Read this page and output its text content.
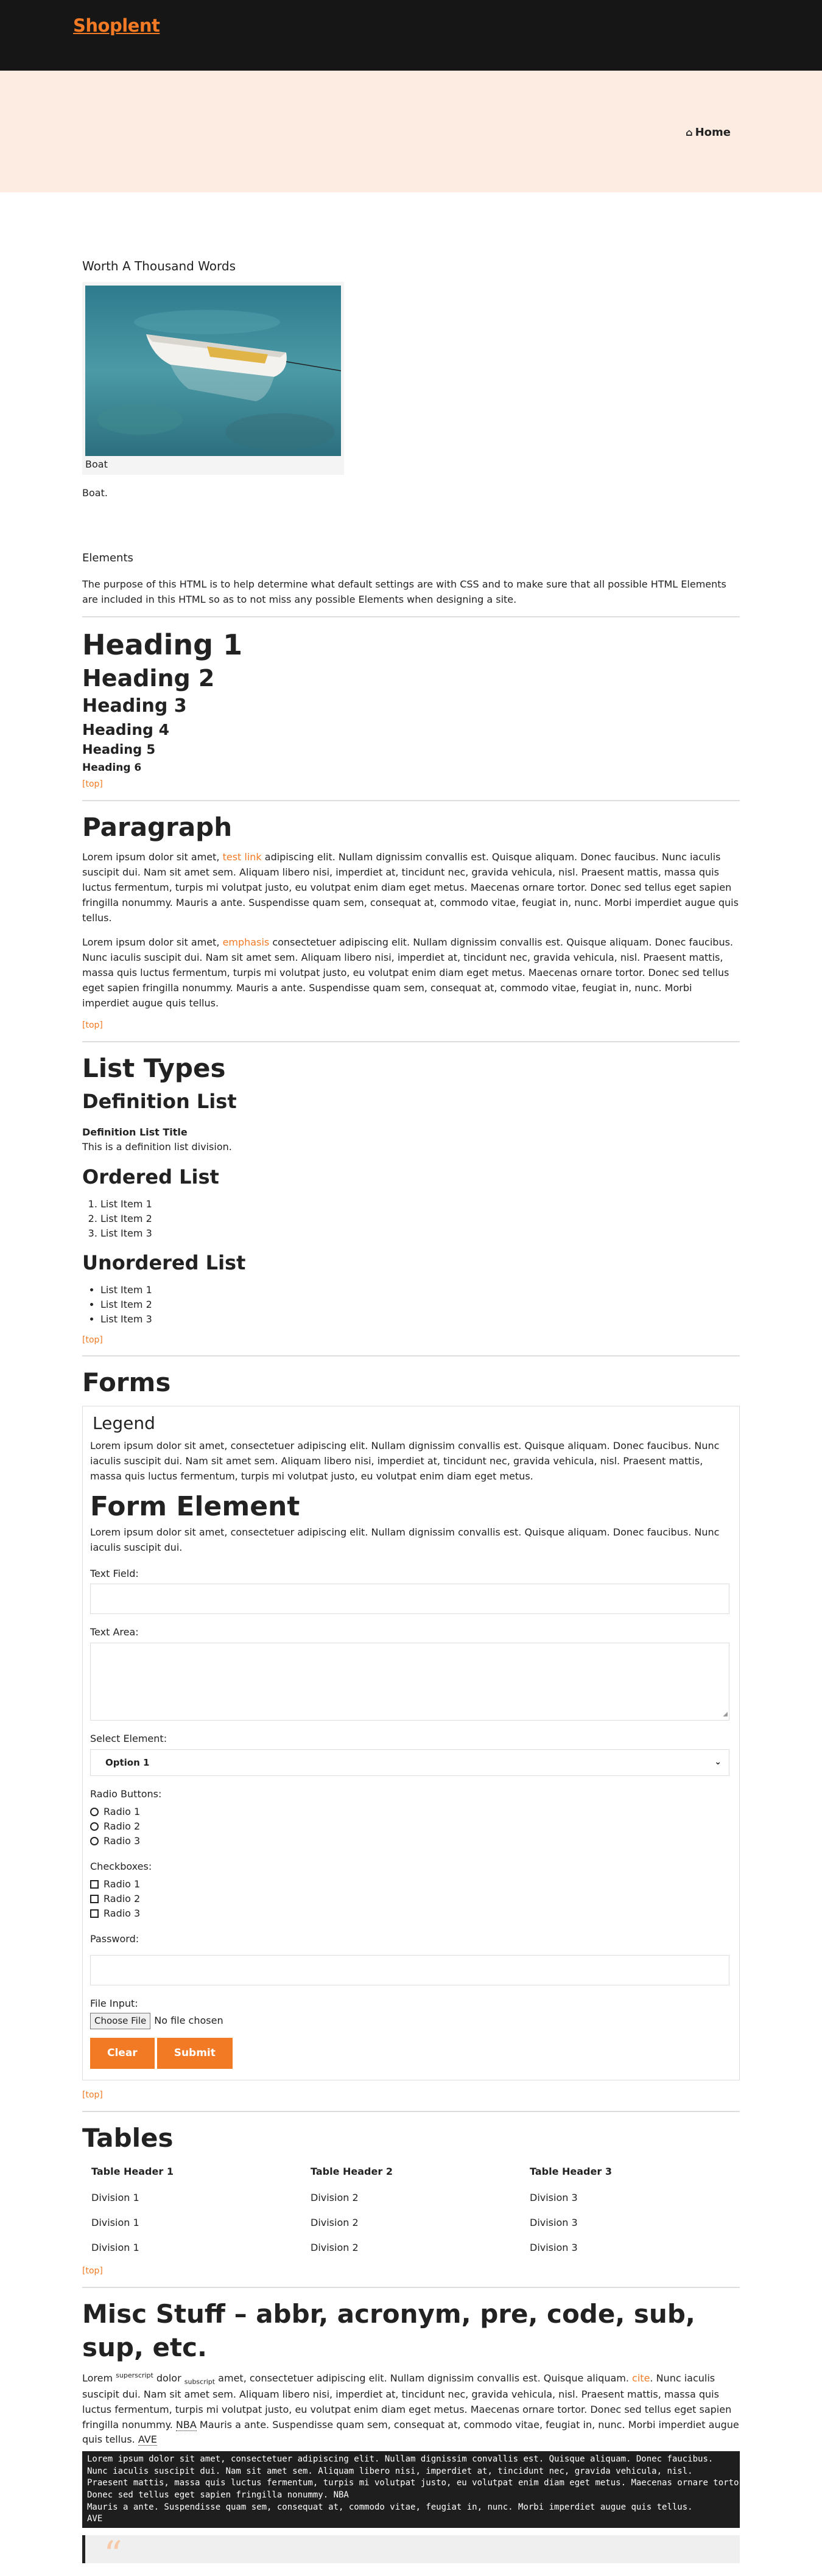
Shoplent
⌂ Home
Worth A Thousand Words
Boat
Boat.
Elements
The purpose of this HTML is to help determine what default settings are with CSS and to make sure that all possible HTML Elements are included in this HTML so as to not miss any possible Elements when designing a site.
Heading 1
Heading 2
Heading 3
Heading 4
Heading 5
Heading 6
[top]
Paragraph

Lorem ipsum dolor sit amet, test link adipiscing elit. Nullam dignissim convallis est. Quisque aliquam. Donec faucibus. Nunc iaculis suscipit dui. Nam sit amet sem. Aliquam libero nisi, imperdiet at, tincidunt nec, gravida vehicula, nisl. Praesent mattis, massa quis luctus fermentum, turpis mi volutpat justo, eu volutpat enim diam eget metus. Maecenas ornare tortor. Donec sed tellus eget sapien fringilla nonummy. Mauris a ante. Suspendisse quam sem, consequat at, commodo vitae, feugiat in, nunc. Morbi imperdiet augue quis tellus.

Lorem ipsum dolor sit amet, emphasis consectetuer adipiscing elit. Nullam dignissim convallis est. Quisque aliquam. Donec faucibus. Nunc iaculis suscipit dui. Nam sit amet sem. Aliquam libero nisi, imperdiet at, tincidunt nec, gravida vehicula, nisl. Praesent mattis, massa quis luctus fermentum, turpis mi volutpat justo, eu volutpat enim diam eget metus. Maecenas ornare tortor. Donec sed tellus eget sapien fringilla nonummy. Mauris a ante. Suspendisse quam sem, consequat at, commodo vitae, feugiat in, nunc. Morbi imperdiet augue quis tellus.

[top]
List Types
Definition List
Definition List Title
This is a definition list division.
Ordered List
1. List Item 1
2. List Item 2
3. List Item 3
Unordered List
• List Item 1
• List Item 2
• List Item 3
[top]
Forms
Legend

Lorem ipsum dolor sit amet, consectetuer adipiscing elit. Nullam dignissim convallis est. Quisque aliquam. Donec faucibus. Nunc iaculis suscipit dui. Nam sit amet sem. Aliquam libero nisi, imperdiet at, tincidunt nec, gravida vehicula, nisl. Praesent mattis, massa quis luctus fermentum, turpis mi volutpat justo, eu volutpat enim diam eget metus.

Form Element

Lorem ipsum dolor sit amet, consectetuer adipiscing elit. Nullam dignissim convallis est. Quisque aliquam. Donec faucibus. Nunc iaculis suscipit dui.

Text Field:
Text Area:
◢
Select Element:
Option 1	⌄
Radio Buttons:
Radio 1
Radio 2
Radio 3
Checkboxes:
Radio 1
Radio 2
Radio 3
Password:
File Input:
Choose File No file chosen
Clear	Submit
[top]
Tables
Table Header 1	Table Header 2	Table Header 3
Division 1	Division 2	Division 3
Division 1	Division 2	Division 3
Division 1	Division 2	Division 3
[top]
Misc Stuff – abbr, acronym, pre, code, sub, sup, etc.

Lorem $^{superscript}$ dolor $_{subscript}$ amet, consectetuer adipiscing elit. Nullam dignissim convallis est. Quisque aliquam. cite. Nunc iaculis suscipit dui. Nam sit amet sem. Aliquam libero nisi, imperdiet at, tincidunt nec, gravida vehicula, nisl. Praesent mattis, massa quis luctus fermentum, turpis mi volutpat justo, eu volutpat enim diam eget metus. Maecenas ornare tortor. Donec sed tellus eget sapien fringilla nonummy. NBA Mauris a ante. Suspendisse quam sem, consequat at, commodo vitae, feugiat in, nunc. Morbi imperdiet augue quis tellus. AVE

Lorem ipsum dolor sit amet, consectetuer adipiscing elit. Nullam dignissim convallis est. Quisque aliquam. Donec faucibus.
Nunc iaculis suscipit dui. Nam sit amet sem. Aliquam libero nisi, imperdiet at, tincidunt nec, gravida vehicula, nisl.
Praesent mattis, massa quis luctus fermentum, turpis mi volutpat justo, eu volutpat enim diam eget metus. Maecenas ornare tortor.
Donec sed tellus eget sapien fringilla nonummy. NBA
Mauris a ante. Suspendisse quam sem, consequat at, commodo vitae, feugiat in, nunc. Morbi imperdiet augue quis tellus.
AVE
“
